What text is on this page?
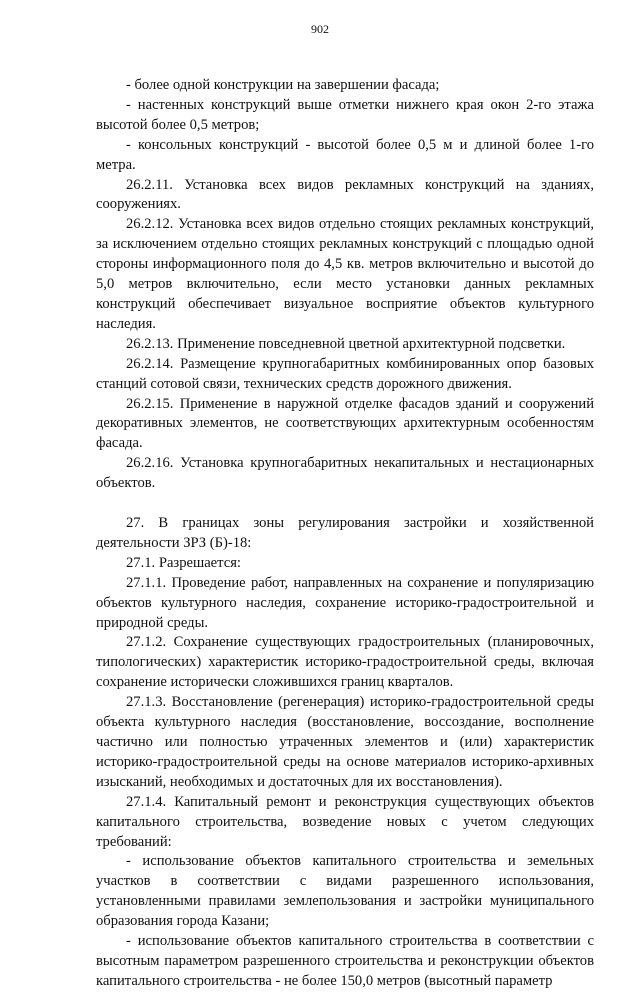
902

- более одной конструкции на завершении фасада;

- настенных конструкций выше отметки нижнего края окон 2-го этажа высотой более 0,5 метров;

- консольных конструкций - высотой более 0,5 м и длиной более 1-го метра.

26.2.11. Установка всех видов рекламных конструкций на зданиях, сооружениях.

26.2.12. Установка всех видов отдельно стоящих рекламных конструкций, за исключением отдельно стоящих рекламных конструкций с площадью одной стороны информационного поля до 4,5 кв. метров включительно и высотой до 5,0 метров включительно, если место установки данных рекламных конструкций обеспечивает визуальное восприятие объектов культурного наследия.

26.2.13. Применение повседневной цветной архитектурной подсветки.

26.2.14. Размещение крупногабаритных комбинированных опор базовых станций сотовой связи, технических средств дорожного движения.

26.2.15. Применение в наружной отделке фасадов зданий и сооружений декоративных элементов, не соответствующих архитектурным особенностям фасада.

26.2.16. Установка крупногабаритных некапитальных и нестационарных объектов.

27. В границах зоны регулирования застройки и хозяйственной деятельности ЗРЗ (Б)-18:

27.1. Разрешается:

27.1.1. Проведение работ, направленных на сохранение и популяризацию объектов культурного наследия, сохранение историко-градостроительной и природной среды.

27.1.2. Сохранение существующих градостроительных (планировочных, типологических) характеристик историко-градостроительной среды, включая сохранение исторически сложившихся границ кварталов.

27.1.3. Восстановление (регенерация) историко-градостроительной среды объекта культурного наследия (восстановление, воссоздание, восполнение частично или полностью утраченных элементов и (или) характеристик историко-градостроительной среды на основе материалов историко-архивных изысканий, необходимых и достаточных для их восстановления).

27.1.4. Капитальный ремонт и реконструкция существующих объектов капитального строительства, возведение новых с учетом следующих требований:

- использование объектов капитального строительства и земельных участков в соответствии с видами разрешенного использования, установленными правилами землепользования и застройки муниципального образования города Казани;

- использование объектов капитального строительства в соответствии с высотным параметром разрешенного строительства и реконструкции объектов капитального строительства - не более 150,0 метров (высотный параметр
